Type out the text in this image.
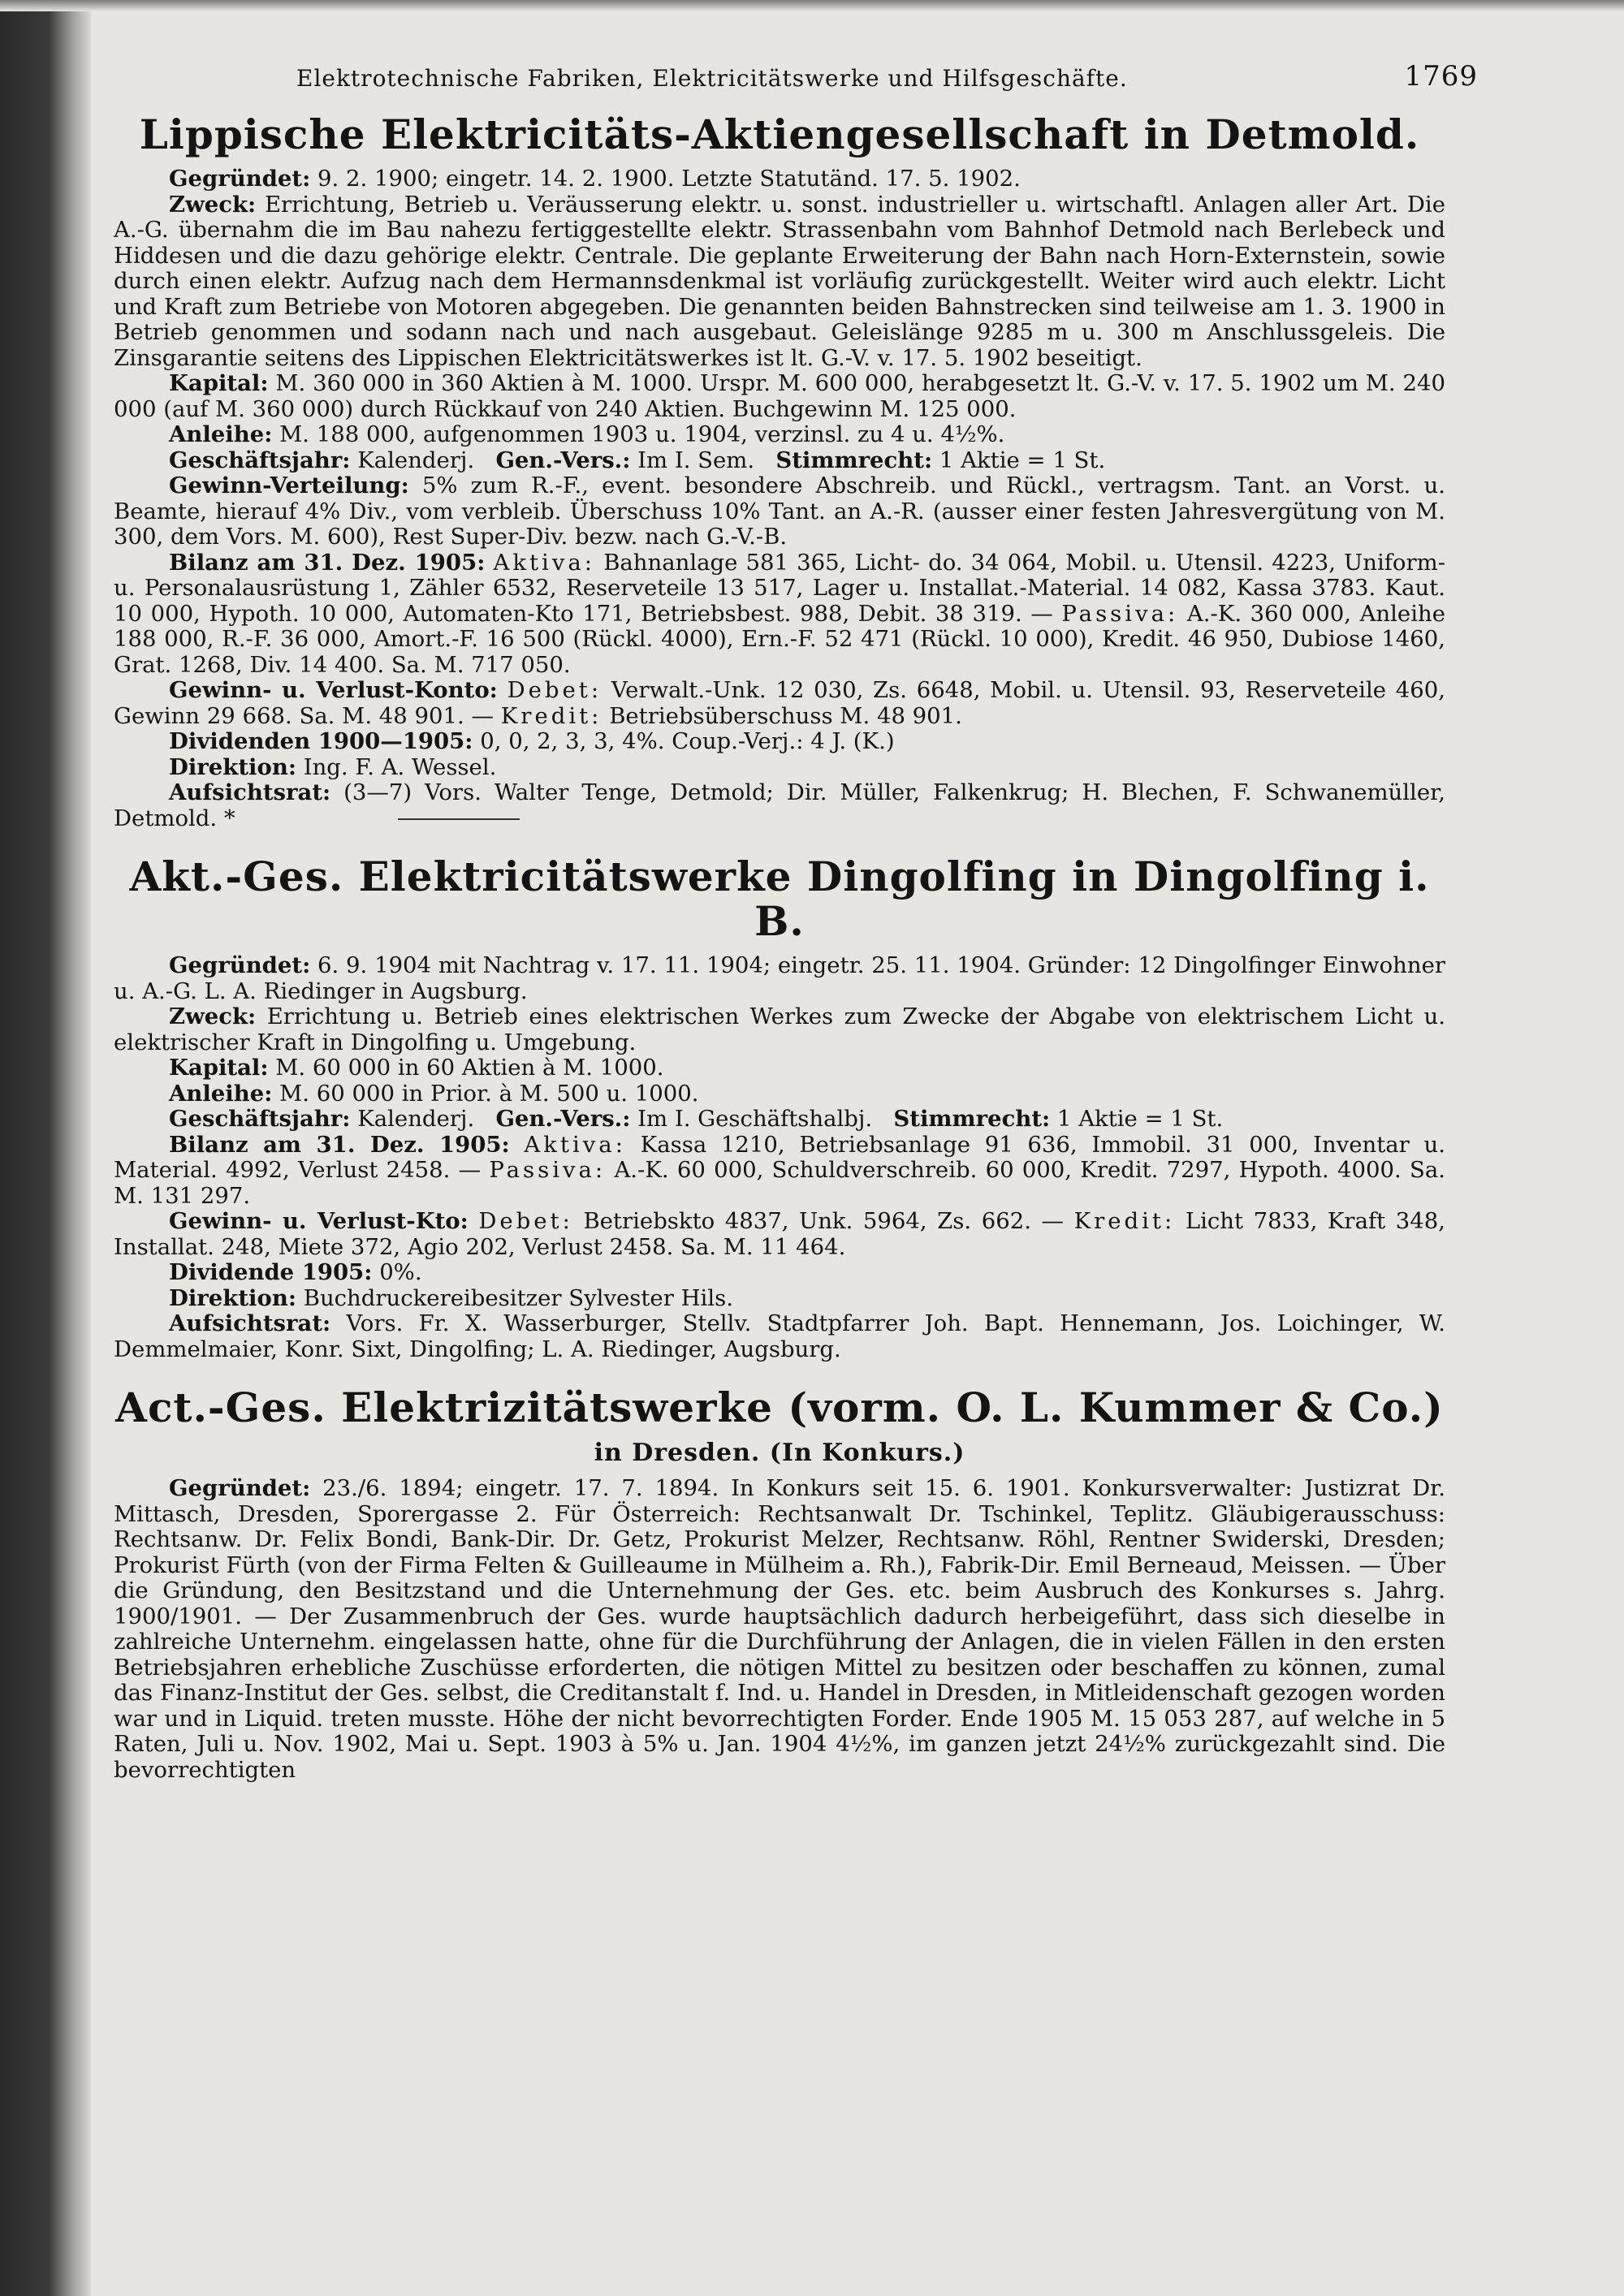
Elektrotechnische Fabriken, Elektricitätswerke und Hilfsgeschäfte.	1769
Lippische Elektricitäts-Aktiengesellschaft in Detmold.

Gegründet: 9. 2. 1900; eingetr. 14. 2. 1900. Letzte Statutänd. 17. 5. 1902.

Zweck: Errichtung, Betrieb u. Veräusserung elektr. u. sonst. industrieller u. wirtschaftl. Anlagen aller Art. Die A.-G. übernahm die im Bau nahezu fertiggestellte elektr. Strassenbahn vom Bahnhof Detmold nach Berlebeck und Hiddesen und die dazu gehörige elektr. Centrale. Die geplante Erweiterung der Bahn nach Horn-Externstein, sowie durch einen elektr. Aufzug nach dem Hermannsdenkmal ist vorläufig zurückgestellt. Weiter wird auch elektr. Licht und Kraft zum Betriebe von Motoren abgegeben. Die genannten beiden Bahnstrecken sind teilweise am 1. 3. 1900 in Betrieb genommen und sodann nach und nach ausgebaut. Geleislänge 9285 m u. 300 m Anschlussgeleis. Die Zinsgarantie seitens des Lippischen Elektricitätswerkes ist lt. G.-V. v. 17. 5. 1902 beseitigt.

Kapital: M. 360 000 in 360 Aktien à M. 1000. Urspr. M. 600 000, herabgesetzt lt. G.-V. v. 17. 5. 1902 um M. 240 000 (auf M. 360 000) durch Rückkauf von 240 Aktien. Buchgewinn M. 125 000.

Anleihe: M. 188 000, aufgenommen 1903 u. 1904, verzinsl. zu 4 u. 4½%.

Geschäftsjahr: Kalenderj. Gen.-Vers.: Im I. Sem. Stimmrecht: 1 Aktie = 1 St.

Gewinn-Verteilung: 5% zum R.-F., event. besondere Abschreib. und Rückl., vertragsm. Tant. an Vorst. u. Beamte, hierauf 4% Div., vom verbleib. Überschuss 10% Tant. an A.-R. (ausser einer festen Jahresvergütung von M. 300, dem Vors. M. 600), Rest Super-Div. bezw. nach G.-V.-B.

Bilanz am 31. Dez. 1905: Aktiva: Bahnanlage 581 365, Licht- do. 34 064, Mobil. u. Utensil. 4223, Uniform- u. Personalausrüstung 1, Zähler 6532, Reserveteile 13 517, Lager u. Installat.-Material. 14 082, Kassa 3783. Kaut. 10 000, Hypoth. 10 000, Automaten-Kto 171, Betriebsbest. 988, Debit. 38 319. — Passiva: A.-K. 360 000, Anleihe 188 000, R.-F. 36 000, Amort.-F. 16 500 (Rückl. 4000), Ern.-F. 52 471 (Rückl. 10 000), Kredit. 46 950, Dubiose 1460, Grat. 1268, Div. 14 400. Sa. M. 717 050.

Gewinn- u. Verlust-Konto: Debet: Verwalt.-Unk. 12 030, Zs. 6648, Mobil. u. Utensil. 93, Reserveteile 460, Gewinn 29 668. Sa. M. 48 901. — Kredit: Betriebsüberschuss M. 48 901.

Dividenden 1900—1905: 0, 0, 2, 3, 3, 4%. Coup.-Verj.: 4 J. (K.)

Direktion: Ing. F. A. Wessel.

Aufsichtsrat: (3—7) Vors. Walter Tenge, Detmold; Dir. Müller, Falkenkrug; H. Blechen, F. Schwanemüller, Detmold. *

Akt.-Ges. Elektricitätswerke Dingolfing in Dingolfing i. B.

Gegründet: 6. 9. 1904 mit Nachtrag v. 17. 11. 1904; eingetr. 25. 11. 1904. Gründer: 12 Dingolfinger Einwohner u. A.-G. L. A. Riedinger in Augsburg.

Zweck: Errichtung u. Betrieb eines elektrischen Werkes zum Zwecke der Abgabe von elektrischem Licht u. elektrischer Kraft in Dingolfing u. Umgebung.

Kapital: M. 60 000 in 60 Aktien à M. 1000.

Anleihe: M. 60 000 in Prior. à M. 500 u. 1000.

Geschäftsjahr: Kalenderj. Gen.-Vers.: Im I. Geschäftshalbj. Stimmrecht: 1 Aktie = 1 St.

Bilanz am 31. Dez. 1905: Aktiva: Kassa 1210, Betriebsanlage 91 636, Immobil. 31 000, Inventar u. Material. 4992, Verlust 2458. — Passiva: A.-K. 60 000, Schuldverschreib. 60 000, Kredit. 7297, Hypoth. 4000. Sa. M. 131 297.

Gewinn- u. Verlust-Kto: Debet: Betriebskto 4837, Unk. 5964, Zs. 662. — Kredit: Licht 7833, Kraft 348, Installat. 248, Miete 372, Agio 202, Verlust 2458. Sa. M. 11 464.

Dividende 1905: 0%.

Direktion: Buchdruckereibesitzer Sylvester Hils.

Aufsichtsrat: Vors. Fr. X. Wasserburger, Stellv. Stadtpfarrer Joh. Bapt. Hennemann, Jos. Loichinger, W. Demmelmaier, Konr. Sixt, Dingolfing; L. A. Riedinger, Augsburg.

Act.-Ges. Elektrizitätswerke (vorm. O. L. Kummer & Co.)
in Dresden. (In Konkurs.)

Gegründet: 23./6. 1894; eingetr. 17. 7. 1894. In Konkurs seit 15. 6. 1901. Konkursverwalter: Justizrat Dr. Mittasch, Dresden, Sporergasse 2. Für Österreich: Rechtsanwalt Dr. Tschinkel, Teplitz. Gläubigerausschuss: Rechtsanw. Dr. Felix Bondi, Bank-Dir. Dr. Getz, Prokurist Melzer, Rechtsanw. Röhl, Rentner Swiderski, Dresden; Prokurist Fürth (von der Firma Felten & Guilleaume in Mülheim a. Rh.), Fabrik-Dir. Emil Berneaud, Meissen. — Über die Gründung, den Besitzstand und die Unternehmung der Ges. etc. beim Ausbruch des Konkurses s. Jahrg. 1900/1901. — Der Zusammenbruch der Ges. wurde hauptsächlich dadurch herbeigeführt, dass sich dieselbe in zahlreiche Unternehm. eingelassen hatte, ohne für die Durchführung der Anlagen, die in vielen Fällen in den ersten Betriebsjahren erhebliche Zuschüsse erforderten, die nötigen Mittel zu besitzen oder beschaffen zu können, zumal das Finanz-Institut der Ges. selbst, die Creditanstalt f. Ind. u. Handel in Dresden, in Mitleidenschaft gezogen worden war und in Liquid. treten musste. Höhe der nicht bevorrechtigten Forder. Ende 1905 M. 15 053 287, auf welche in 5 Raten, Juli u. Nov. 1902, Mai u. Sept. 1903 à 5% u. Jan. 1904 4½%, im ganzen jetzt 24½% zurückgezahlt sind. Die bevorrechtigten
